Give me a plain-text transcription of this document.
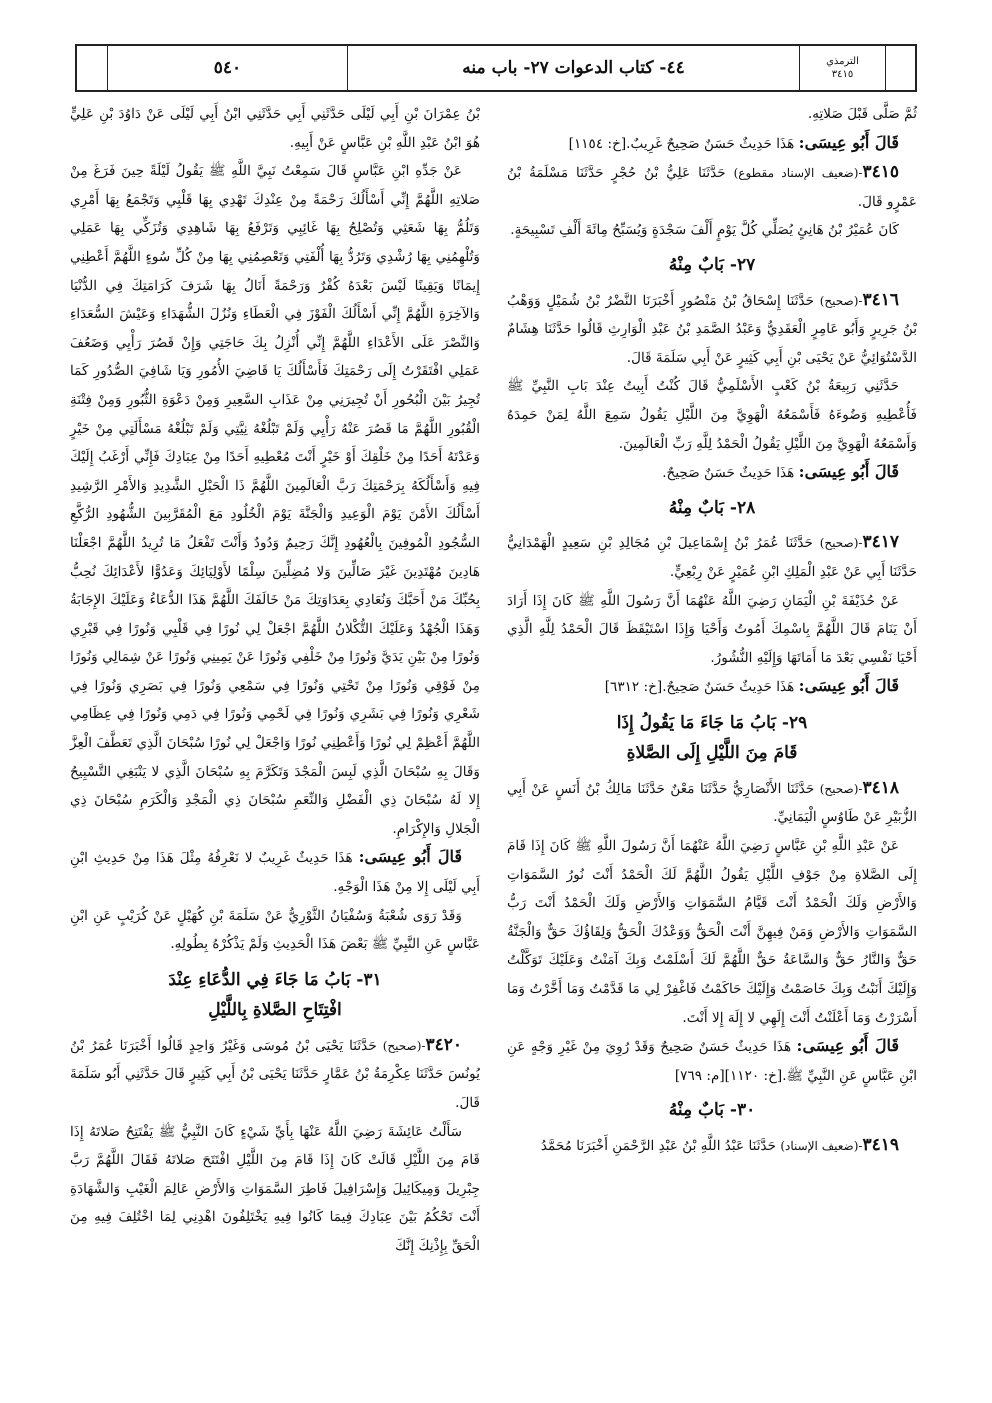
الترمذي
٣٤١٥
٤٤- كتاب الدعوات ٢٧- باب منه
٥٤٠

ثُمَّ صَلَّى قَبْلَ صَلاتِهِ.

قَالَ أَبُو عِيسَى: هَذَا حَدِيثٌ حَسَنٌ صَحِيحٌ غَرِيبٌ.[خ: ١١٥٤]

٣٤١٥-(ضعيف الإسناد مقطوع) حَدَّثَنَا عَلِيُّ بْنُ حُجْرٍ حَدَّثَنَا مَسْلَمَةُ بْنُ عَمْرٍو قَالَ.

كَانَ عُمَيْرُ بْنُ هَانِئٍ يُصَلِّي كُلَّ يَوْمٍ أَلْفَ سَجْدَةٍ وَيُسَبِّحُ مِائَةَ أَلْفِ تَسْبِيحَةٍ.

٢٧- بَابٌ مِنْهُ

٣٤١٦-(صحيح) حَدَّثَنَا إِسْحَاقُ بْنُ مَنْصُورٍ أَخْبَرَنَا النَّضْرُ بْنُ شُمَيْلٍ وَوَهْبُ بْنُ جَرِيرٍ وَأَبُو عَامِرٍ الْعَقَدِيُّ وَعَبْدُ الصَّمَدِ بْنُ عَبْدِ الْوَارِثِ قَالُوا حَدَّثَنَا هِشَامٌ الدَّسْتُوَائِيُّ عَنْ يَحْيَى بْنِ أَبِي كَثِيرٍ عَنْ أَبِي سَلَمَةَ قَالَ.

حَدَّثَنِي رَبِيعَةُ بْنُ كَعْبٍ الأَسْلَمِيُّ قَالَ كُنْتُ أَبِيتُ عِنْدَ بَابِ النَّبِيِّ ﷺ فَأُعْطِيهِ وَضُوءَهُ فَأَسْمَعُهُ الْهَوِيَّ مِنَ اللَّيْلِ يَقُولُ سَمِعَ اللَّهُ لِمَنْ حَمِدَهُ وَأَسْمَعُهُ الْهَوِيَّ مِنَ اللَّيْلِ يَقُولُ الْحَمْدُ لِلَّهِ رَبِّ الْعَالَمِينَ.

قَالَ أَبُو عِيسَى: هَذَا حَدِيثٌ حَسَنٌ صَحِيحٌ.

٢٨- بَابٌ مِنْهُ

٣٤١٧-(صحيح) حَدَّثَنَا عُمَرُ بْنُ إِسْمَاعِيلَ بْنِ مُجَالِدِ بْنِ سَعِيدٍ الْهَمْدَانِيُّ حَدَّثَنَا أَبِي عَنْ عَبْدِ الْمَلِكِ ابْنِ عُمَيْرٍ عَنْ رِبْعِيٍّ.

عَنْ حُذَيْفَةَ بْنِ الْيَمَانِ رَضِيَ اللَّهُ عَنْهُمَا أَنَّ رَسُولَ اللَّهِ ﷺ كَانَ إِذَا أَرَادَ أَنْ يَنَامَ قَالَ اللَّهُمَّ بِاسْمِكَ أَمُوتُ وَأَحْيَا وَإِذَا اسْتَيْقَظَ قَالَ الْحَمْدُ لِلَّهِ الَّذِي أَحْيَا نَفْسِي بَعْدَ مَا أَمَاتَهَا وَإِلَيْهِ النُّشُورُ.

قَالَ أَبُو عِيسَى: هَذَا حَدِيثٌ حَسَنٌ صَحِيحٌ.[خ: ٦٣١٢]

٢٩- بَابُ مَا جَاءَ مَا يَقُولُ إِذَا
قَامَ مِنَ اللَّيْلِ إِلَى الصَّلاةِ

٣٤١٨-(صحيح) حَدَّثَنَا الأَنْصَارِيُّ حَدَّثَنَا مَعْنٌ حَدَّثَنَا مَالِكُ بْنُ أَنَسٍ عَنْ أَبِي الزُّبَيْرِ عَنْ طَاوُسٍ الْيَمَانِيِّ.

عَنْ عَبْدِ اللَّهِ بْنِ عَبَّاسٍ رَضِيَ اللَّهُ عَنْهُمَا أَنَّ رَسُولَ اللَّهِ ﷺ كَانَ إِذَا قَامَ إِلَى الصَّلاةِ مِنْ جَوْفِ اللَّيْلِ يَقُولُ اللَّهُمَّ لَكَ الْحَمْدُ أَنْتَ نُورُ السَّمَوَاتِ وَالأَرْضِ وَلَكَ الْحَمْدُ أَنْتَ قَيَّامُ السَّمَوَاتِ وَالأَرْضِ وَلَكَ الْحَمْدُ أَنْتَ رَبُّ السَّمَوَاتِ وَالأَرْضِ وَمَنْ فِيهِنَّ أَنْتَ الْحَقُّ وَوَعْدُكَ الْحَقُّ وَلِقَاؤُكَ حَقٌّ وَالْجَنَّةُ حَقٌّ وَالنَّارُ حَقٌّ وَالسَّاعَةُ حَقٌّ اللَّهُمَّ لَكَ أَسْلَمْتُ وَبِكَ آمَنْتُ وَعَلَيْكَ تَوَكَّلْتُ وَإِلَيْكَ أَنَبْتُ وَبِكَ خَاصَمْتُ وَإِلَيْكَ حَاكَمْتُ فَاغْفِرْ لِي مَا قَدَّمْتُ وَمَا أَخَّرْتُ وَمَا أَسْرَرْتُ وَمَا أَعْلَنْتُ أَنْتَ إِلَهِي لا إِلَهَ إِلا أَنْتَ.

قَالَ أَبُو عِيسَى: هَذَا حَدِيثٌ حَسَنٌ صَحِيحٌ وَقَدْ رُوِيَ مِنْ غَيْرِ وَجْهٍ عَنِ ابْنِ عَبَّاسٍ عَنِ النَّبِيِّ ﷺ.[خ: ١١٢٠][م: ٧٦٩]

٣٠- بَابٌ مِنْهُ

٣٤١٩-(ضعيف الإسناد) حَدَّثَنَا عَبْدُ اللَّهِ بْنُ عَبْدِ الرَّحْمَنِ أَخْبَرَنَا مُحَمَّدُ

بْنُ عِمْرَانَ بْنِ أَبِي لَيْلَى حَدَّثَنِي أَبِي حَدَّثَنِي ابْنُ أَبِي لَيْلَى عَنْ دَاوُدَ بْنِ عَلِيٍّ هُوَ ابْنُ عَبْدِ اللَّهِ بْنِ عَبَّاسٍ عَنْ أَبِيهِ.

عَنْ جَدِّهِ ابْنِ عَبَّاسٍ قَالَ سَمِعْتُ نَبِيَّ اللَّهِ ﷺ يَقُولُ لَيْلَةً حِينَ فَرَغَ مِنْ صَلاتِهِ اللَّهُمَّ إِنِّي أَسْأَلُكَ رَحْمَةً مِنْ عِنْدِكَ تَهْدِي بِهَا قَلْبِي وَتَجْمَعُ بِهَا أَمْرِي وَتَلُمُّ بِهَا شَعَثِي وَتُصْلِحُ بِهَا غَائِبِي وَتَرْفَعُ بِهَا شَاهِدِي وَتُزَكِّي بِهَا عَمَلِي وَتُلْهِمُنِي بِهَا رُشْدِي وَتَرُدُّ بِهَا أُلْفَتِي وَتَعْصِمُنِي بِهَا مِنْ كُلِّ سُوءٍ اللَّهُمَّ أَعْطِنِي إِيمَانًا وَيَقِينًا لَيْسَ بَعْدَهُ كُفْرٌ وَرَحْمَةً أَنَالُ بِهَا شَرَفَ كَرَامَتِكَ فِي الدُّنْيَا وَالآخِرَةِ اللَّهُمَّ إِنِّي أَسْأَلُكَ الْفَوْزَ فِي الْعَطَاءِ وَنُزُلَ الشُّهَدَاءِ وَعَيْشَ السُّعَدَاءِ وَالنَّصْرَ عَلَى الأَعْدَاءِ اللَّهُمَّ إِنِّي أُنْزِلُ بِكَ حَاجَتِي وَإِنْ قَصُرَ رَأْيِي وَضَعُفَ عَمَلِي افْتَقَرْتُ إِلَى رَحْمَتِكَ فَأَسْأَلُكَ يَا قَاضِيَ الأُمُورِ وَيَا شَافِيَ الصُّدُورِ كَمَا تُجِيرُ بَيْنَ الْبُحُورِ أَنْ تُجِيرَنِي مِنْ عَذَابِ السَّعِيرِ وَمِنْ دَعْوَةِ الثُّبُورِ وَمِنْ فِتْنَةِ الْقُبُورِ اللَّهُمَّ مَا قَصُرَ عَنْهُ رَأْيِي وَلَمْ تَبْلُغْهُ نِيَّتِي وَلَمْ تَبْلُغْهُ مَسْأَلَتِي مِنْ خَيْرٍ وَعَدْتَهُ أَحَدًا مِنْ خَلْقِكَ أَوْ خَيْرٍ أَنْتَ مُعْطِيهِ أَحَدًا مِنْ عِبَادِكَ فَإِنِّي أَرْغَبُ إِلَيْكَ فِيهِ وَأَسْأَلُكَهُ بِرَحْمَتِكَ رَبَّ الْعَالَمِينَ اللَّهُمَّ ذَا الْحَبْلِ الشَّدِيدِ وَالأَمْرِ الرَّشِيدِ أَسْأَلُكَ الأَمْنَ يَوْمَ الْوَعِيدِ وَالْجَنَّةَ يَوْمَ الْخُلُودِ مَعَ الْمُقَرَّبِينَ الشُّهُودِ الرُّكَّعِ السُّجُودِ الْمُوفِينَ بِالْعُهُودِ إِنَّكَ رَحِيمٌ وَدُودٌ وَأَنْتَ تَفْعَلُ مَا تُرِيدُ اللَّهُمَّ اجْعَلْنَا هَادِينَ مُهْتَدِينَ غَيْرَ ضَالِّينَ وَلا مُضِلِّينَ سِلْمًا لأَوْلِيَائِكَ وَعَدُوًّا لأَعْدَائِكَ نُحِبُّ بِحُبِّكَ مَنْ أَحَبَّكَ وَنُعَادِي بِعَدَاوَتِكَ مَنْ خَالَفَكَ اللَّهُمَّ هَذَا الدُّعَاءُ وَعَلَيْكَ الإِجَابَةُ وَهَذَا الْجُهْدُ وَعَلَيْكَ التُّكْلانُ اللَّهُمَّ اجْعَلْ لِي نُورًا فِي قَلْبِي وَنُورًا فِي قَبْرِي وَنُورًا مِنْ بَيْنِ يَدَيَّ وَنُورًا مِنْ خَلْفِي وَنُورًا عَنْ يَمِينِي وَنُورًا عَنْ شِمَالِي وَنُورًا مِنْ فَوْقِي وَنُورًا مِنْ تَحْتِي وَنُورًا فِي سَمْعِي وَنُورًا فِي بَصَرِي وَنُورًا فِي شَعْرِي وَنُورًا فِي بَشَرِي وَنُورًا فِي لَحْمِي وَنُورًا فِي دَمِي وَنُورًا فِي عِظَامِي اللَّهُمَّ أَعْظِمْ لِي نُورًا وَأَعْطِنِي نُورًا وَاجْعَلْ لِي نُورًا سُبْحَانَ الَّذِي تَعَطَّفَ الْعِزَّ وَقَالَ بِهِ سُبْحَانَ الَّذِي لَبِسَ الْمَجْدَ وَتَكَرَّمَ بِهِ سُبْحَانَ الَّذِي لا يَنْبَغِي التَّسْبِيحُ إِلا لَهُ سُبْحَانَ ذِي الْفَضْلِ وَالنِّعَمِ سُبْحَانَ ذِي الْمَجْدِ وَالْكَرَمِ سُبْحَانَ ذِي الْجَلالِ وَالإِكْرَامِ.

قَالَ أَبُو عِيسَى: هَذَا حَدِيثٌ غَرِيبٌ لا نَعْرِفُهُ مِثْلَ هَذَا مِنْ حَدِيثِ ابْنِ أَبِي لَيْلَى إِلا مِنْ هَذَا الْوَجْهِ.

وَقَدْ رَوَى شُعْبَةُ وَسُفْيَانُ الثَّوْرِيُّ عَنْ سَلَمَةَ بْنِ كُهَيْلٍ عَنْ كُرَيْبٍ عَنِ ابْنِ عَبَّاسٍ عَنِ النَّبِيِّ ﷺ بَعْضَ هَذَا الْحَدِيثِ وَلَمْ يَذْكُرْهُ بِطُولِهِ.

٣١- بَابُ مَا جَاءَ فِي الدُّعَاءِ عِنْدَ
افْتِتَاحِ الصَّلاةِ بِاللَّيْلِ

٣٤٢٠-(صحيح) حَدَّثَنَا يَحْيَى بْنُ مُوسَى وَغَيْرُ وَاحِدٍ قَالُوا أَخْبَرَنَا عُمَرُ بْنُ يُونُسَ حَدَّثَنَا عِكْرِمَةُ بْنُ عَمَّارٍ حَدَّثَنَا يَحْيَى بْنُ أَبِي كَثِيرٍ قَالَ حَدَّثَنِي أَبُو سَلَمَةَ قَالَ.

سَأَلْتُ عَائِشَةَ رَضِيَ اللَّهُ عَنْهَا بِأَيِّ شَيْءٍ كَانَ النَّبِيُّ ﷺ يَفْتَتِحُ صَلاتَهُ إِذَا قَامَ مِنَ اللَّيْلِ قَالَتْ كَانَ إِذَا قَامَ مِنَ اللَّيْلِ افْتَتَحَ صَلاتَهُ فَقَالَ اللَّهُمَّ رَبَّ جِبْرِيلَ وَمِيكَائِيلَ وَإِسْرَافِيلَ فَاطِرَ السَّمَوَاتِ وَالأَرْضِ عَالِمَ الْغَيْبِ وَالشَّهَادَةِ أَنْتَ تَحْكُمُ بَيْنَ عِبَادِكَ فِيمَا كَانُوا فِيهِ يَخْتَلِفُونَ اهْدِنِي لِمَا اخْتُلِفَ فِيهِ مِنَ الْحَقِّ بِإِذْنِكَ إِنَّكَ
